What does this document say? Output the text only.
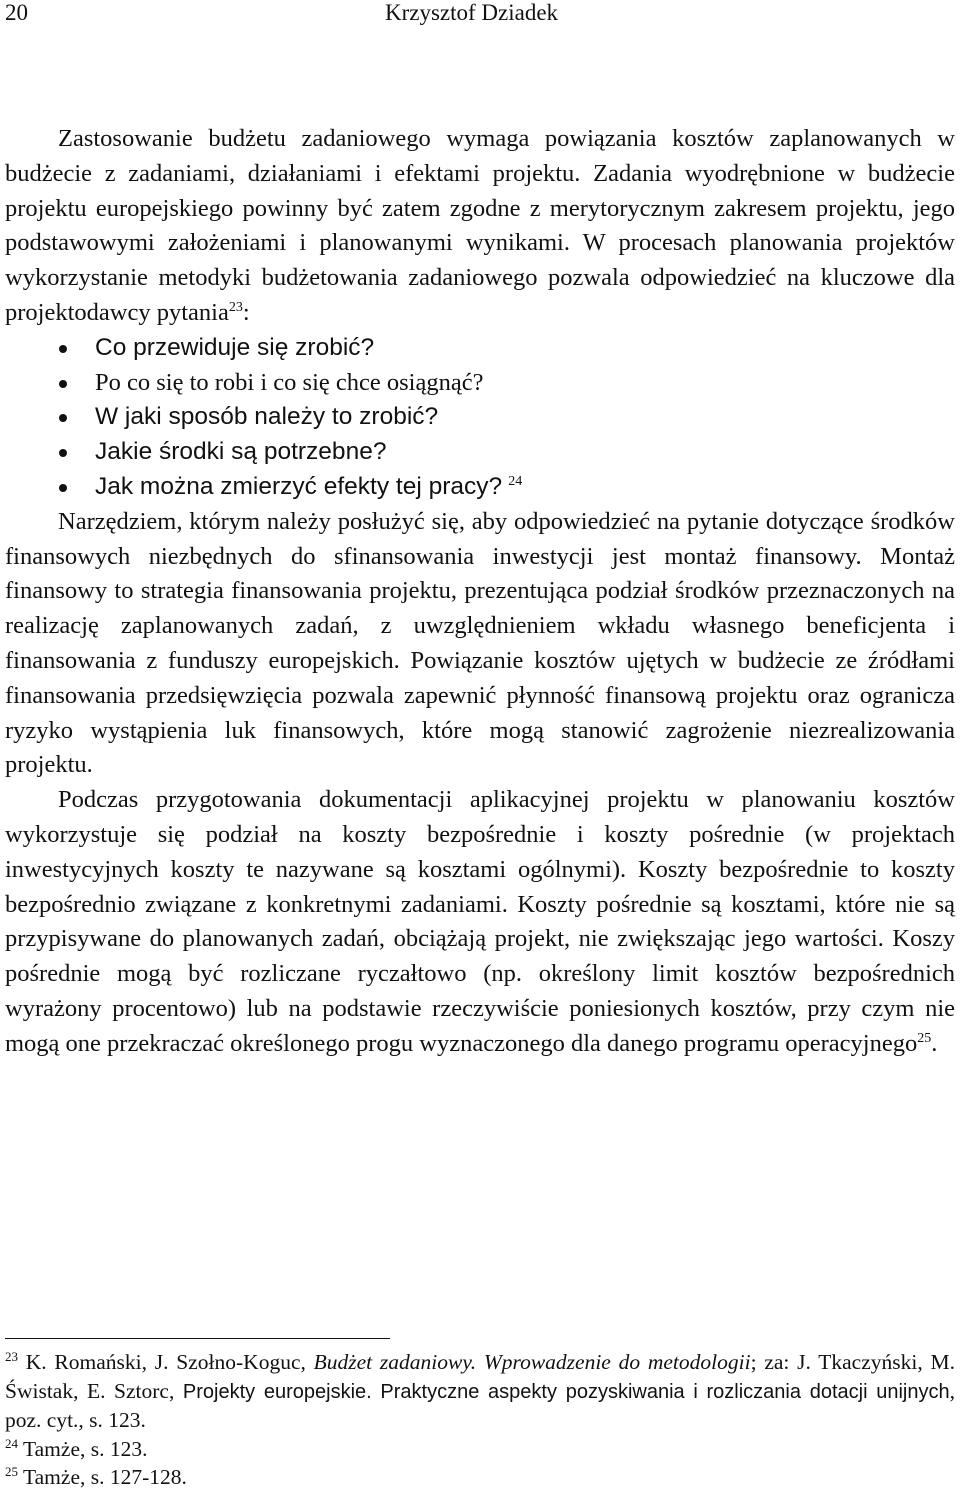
20	Krzysztof Dziadek

Zastosowanie budżetu zadaniowego wymaga powiązania kosztów zaplanowanych w budżecie z zadaniami, działaniami i efektami projektu. Zadania wyodrębnione w budżecie projektu europejskiego powinny być zatem zgodne z merytorycznym zakresem projektu, jego podstawowymi założeniami i planowanymi wynikami. W procesach planowania projektów wykorzystanie metodyki budżetowania zadaniowego pozwala odpowiedzieć na kluczowe dla projektodawcy pytania$^{23}$:

Co przewiduje się zrobić?
Po co się to robi i co się chce osiągnąć?
W jaki sposób należy to zrobić?
Jakie środki są potrzebne?
Jak można zmierzyć efekty tej pracy? $^{24}$

Narzędziem, którym należy posłużyć się, aby odpowiedzieć na pytanie dotyczące środków finansowych niezbędnych do sfinansowania inwestycji jest montaż finansowy. Montaż finansowy to strategia finansowania projektu, prezentująca podział środków przeznaczonych na realizację zaplanowanych zadań, z uwzględnieniem wkładu własnego beneficjenta i finansowania z funduszy europejskich. Powiązanie kosztów ujętych w budżecie ze źródłami finansowania przedsięwzięcia pozwala zapewnić płynność finansową projektu oraz ogranicza ryzyko wystąpienia luk finansowych, które mogą stanowić zagrożenie niezrealizowania projektu.

Podczas przygotowania dokumentacji aplikacyjnej projektu w planowaniu kosztów wykorzystuje się podział na koszty bezpośrednie i koszty pośrednie (w projektach inwestycyjnych koszty te nazywane są kosztami ogólnymi). Koszty bezpośrednie to koszty bezpośrednio związane z konkretnymi zadaniami. Koszty pośrednie są kosztami, które nie są przypisywane do planowanych zadań, obciążają projekt, nie zwiększając jego wartości. Koszy pośrednie mogą być rozliczane ryczałtowo (np. określony limit kosztów bezpośrednich wyrażony procentowo) lub na podstawie rzeczywiście poniesionych kosztów, przy czym nie mogą one przekraczać określonego progu wyznaczonego dla danego programu operacyjnego$^{25}$.

$^{23}$ K. Romański, J. Szołno-Koguc, Budżet zadaniowy. Wprowadzenie do metodologii; za: J. Tkaczyński, M. Świstak, E. Sztorc, Projekty europejskie. Praktyczne aspekty pozyskiwania i rozliczania dotacji unijnych, poz. cyt., s. 123.

$^{24}$ Tamże, s. 123.

$^{25}$ Tamże, s. 127-128.
